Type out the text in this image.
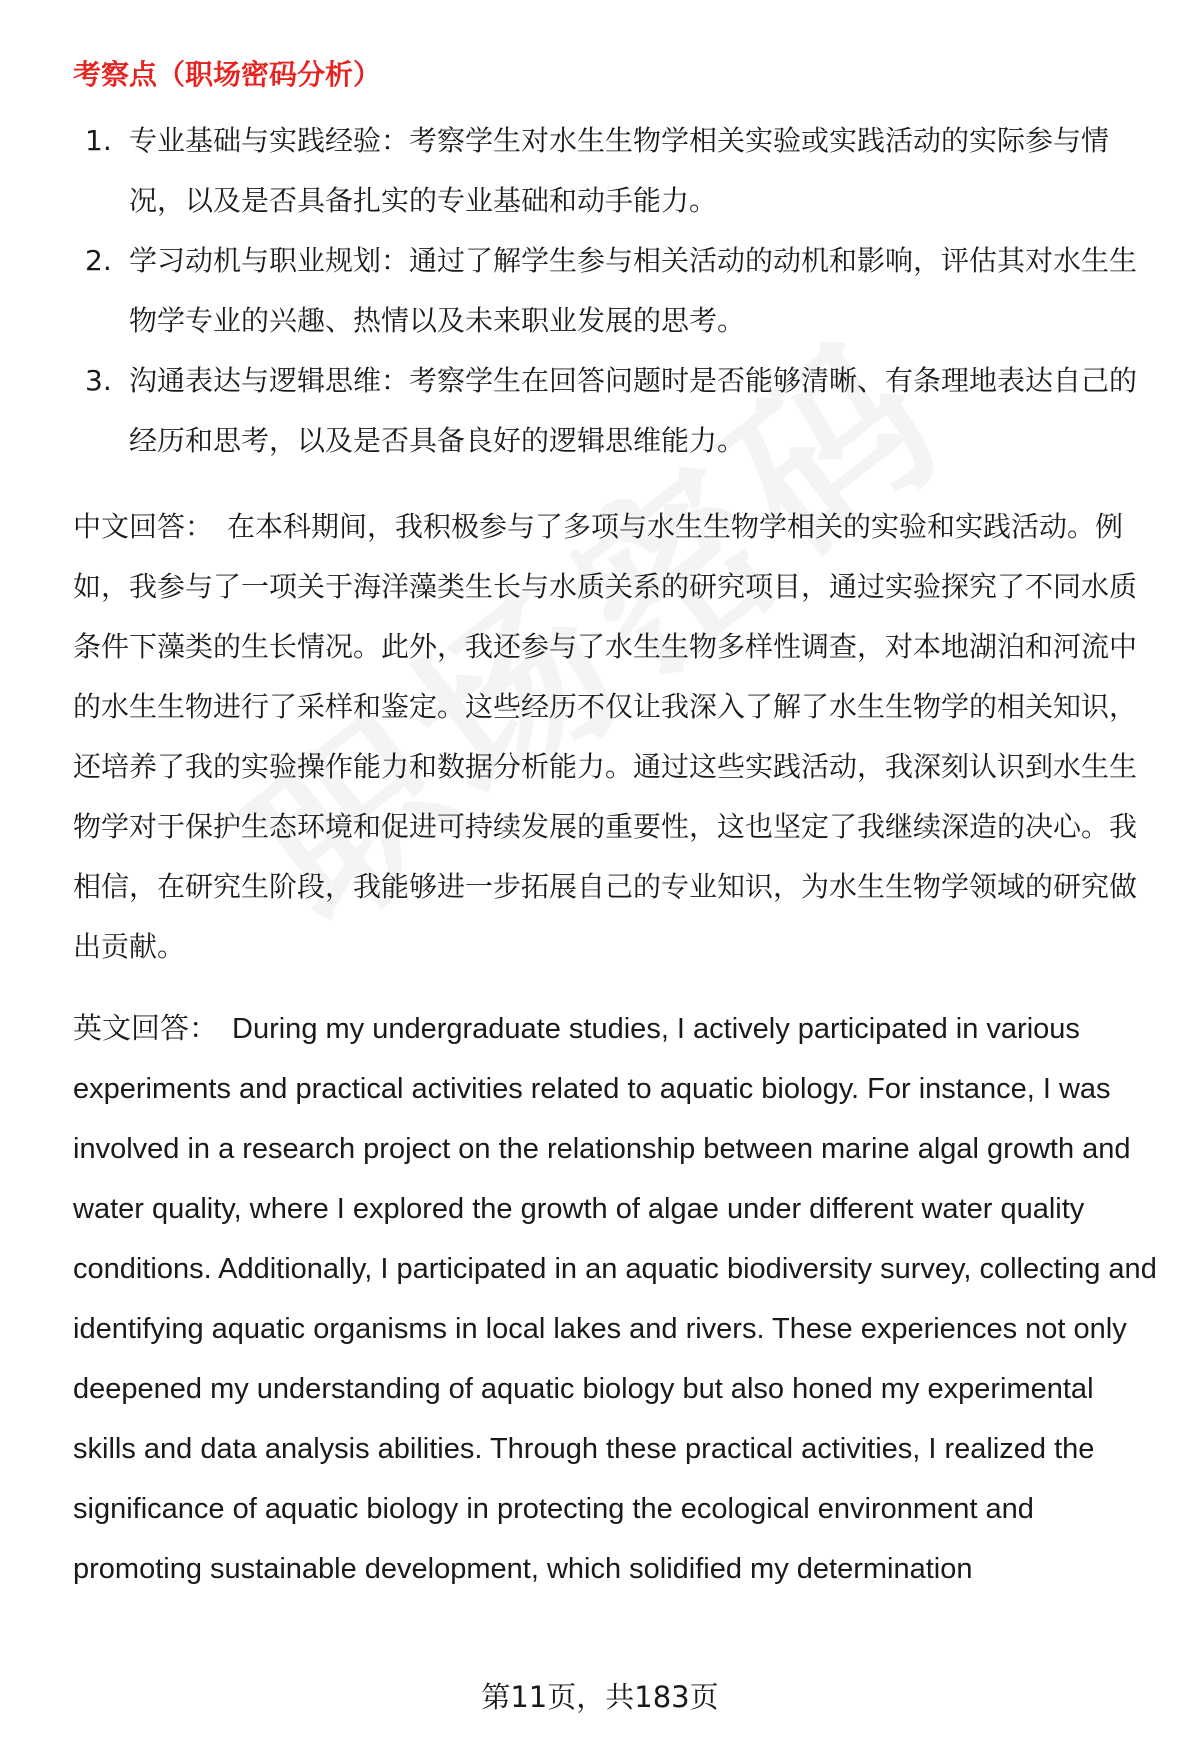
考察点（职场密码分析）
1. 专业基础与实践经验：考察学生对水生生物学相关实验或实践活动的实际参与情况，以及是否具备扎实的专业基础和动手能力。
2. 学习动机与职业规划：通过了解学生参与相关活动的动机和影响，评估其对水生生物学专业的兴趣、热情以及未来职业发展的思考。
3. 沟通表达与逻辑思维：考察学生在回答问题时是否能够清晰、有条理地表达自己的经历和思考，以及是否具备良好的逻辑思维能力。

中文回答： 在本科期间，我积极参与了多项与水生生物学相关的实验和实践活动。例如，我参与了一项关于海洋藻类生长与水质关系的研究项目，通过实验探究了不同水质条件下藻类的生长情况。此外，我还参与了水生生物多样性调查，对本地湖泊和河流中的水生生物进行了采样和鉴定。这些经历不仅让我深入了解了水生生物学的相关知识，还培养了我的实验操作能力和数据分析能力。通过这些实践活动，我深刻认识到水生生物学对于保护生态环境和促进可持续发展的重要性，这也坚定了我继续深造的决心。我相信，在研究生阶段，我能够进一步拓展自己的专业知识，为水生生物学领域的研究做出贡献。

英文回答： During my undergraduate studies, I actively participated in various experiments and practical activities related to aquatic biology. For instance, I was involved in a research project on the relationship between marine algal growth and water quality, where I explored the growth of algae under different water quality conditions. Additionally, I participated in an aquatic biodiversity survey, collecting and identifying aquatic organisms in local lakes and rivers. These experiences not only deepened my understanding of aquatic biology but also honed my experimental skills and data analysis abilities. Through these practical activities, I realized the significance of aquatic biology in protecting the ecological environment and promoting sustainable development, which solidified my determination

第11页，共183页
